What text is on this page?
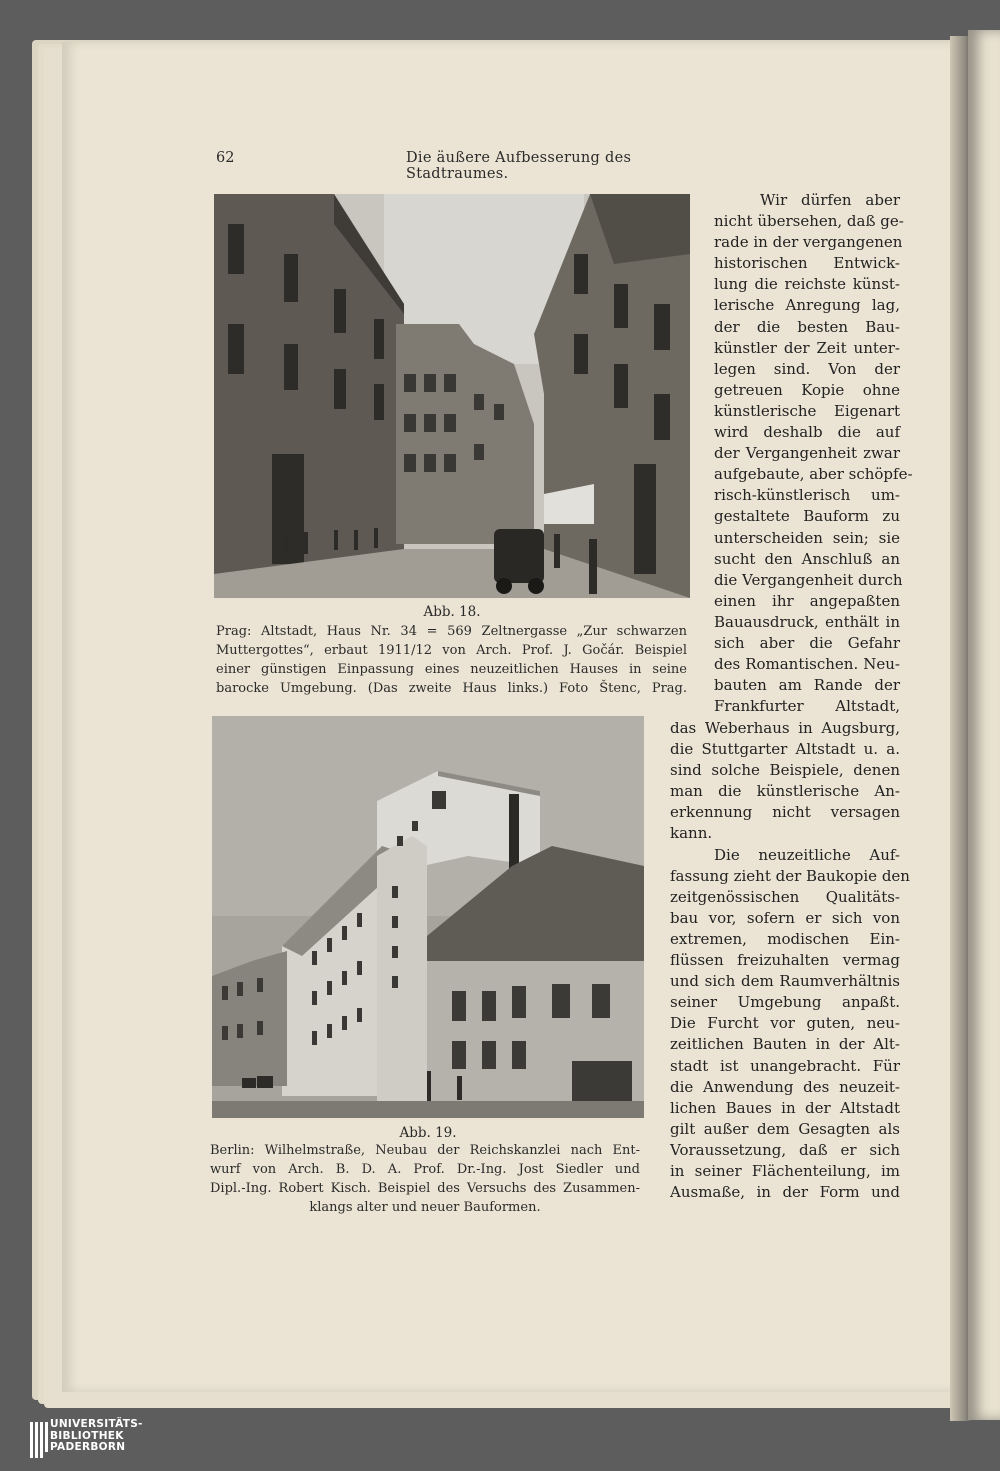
62	Die äußere Aufbesserung des Stadtraumes.
Abb. 18.
Prag: Altstadt, Haus Nr. 34 = 569 Zeltnergasse „Zur schwarzen
Muttergottes“, erbaut 1911/12 von Arch. Prof. J. Gočár. Beispiel
einer günstigen Einpassung eines neuzeitlichen Hauses in seine
barocke Umgebung. (Das zweite Haus links.) Foto Štenc, Prag.
Abb. 19.
Berlin: Wilhelmstraße, Neubau der Reichskanzlei nach Ent-
wurf von Arch. B. D. A. Prof. Dr.-Ing. Jost Siedler und
Dipl.-Ing. Robert Kisch. Beispiel des Versuchs des Zusammen-
klangs alter und neuer Bauformen.
Wir dürfen aber
nicht übersehen, daß ge-
rade in der vergangenen
historischen Entwick-
lung die reichste künst-
lerische Anregung lag,
der die besten Bau-
künstler der Zeit unter-
legen sind. Von der
getreuen Kopie ohne
künstlerische Eigenart
wird deshalb die auf
der Vergangenheit zwar
aufgebaute, aber schöpfe-
risch-künstlerisch um-
gestaltete Bauform zu
unterscheiden sein; sie
sucht den Anschluß an
die Vergangenheit durch
einen ihr angepaßten
Bauausdruck, enthält in
sich aber die Gefahr
des Romantischen. Neu-
bauten am Rande der
Frankfurter Altstadt,
das Weberhaus in Augsburg,
die Stuttgarter Altstadt u. a.
sind solche Beispiele, denen
man die künstlerische An-
erkennung nicht versagen
kann.
Die neuzeitliche Auf-
fassung zieht der Baukopie den
zeitgenössischen Qualitäts-
bau vor, sofern er sich von
extremen, modischen Ein-
flüssen freizuhalten vermag
und sich dem Raumverhältnis
seiner Umgebung anpaßt.
Die Furcht vor guten, neu-
zeitlichen Bauten in der Alt-
stadt ist unangebracht. Für
die Anwendung des neuzeit-
lichen Baues in der Altstadt
gilt außer dem Gesagten als
Voraussetzung, daß er sich
in seiner Flächenteilung, im
Ausmaße, in der Form und
UNIVERSITÄTS-
BIBLIOTHEK
PADERBORN
